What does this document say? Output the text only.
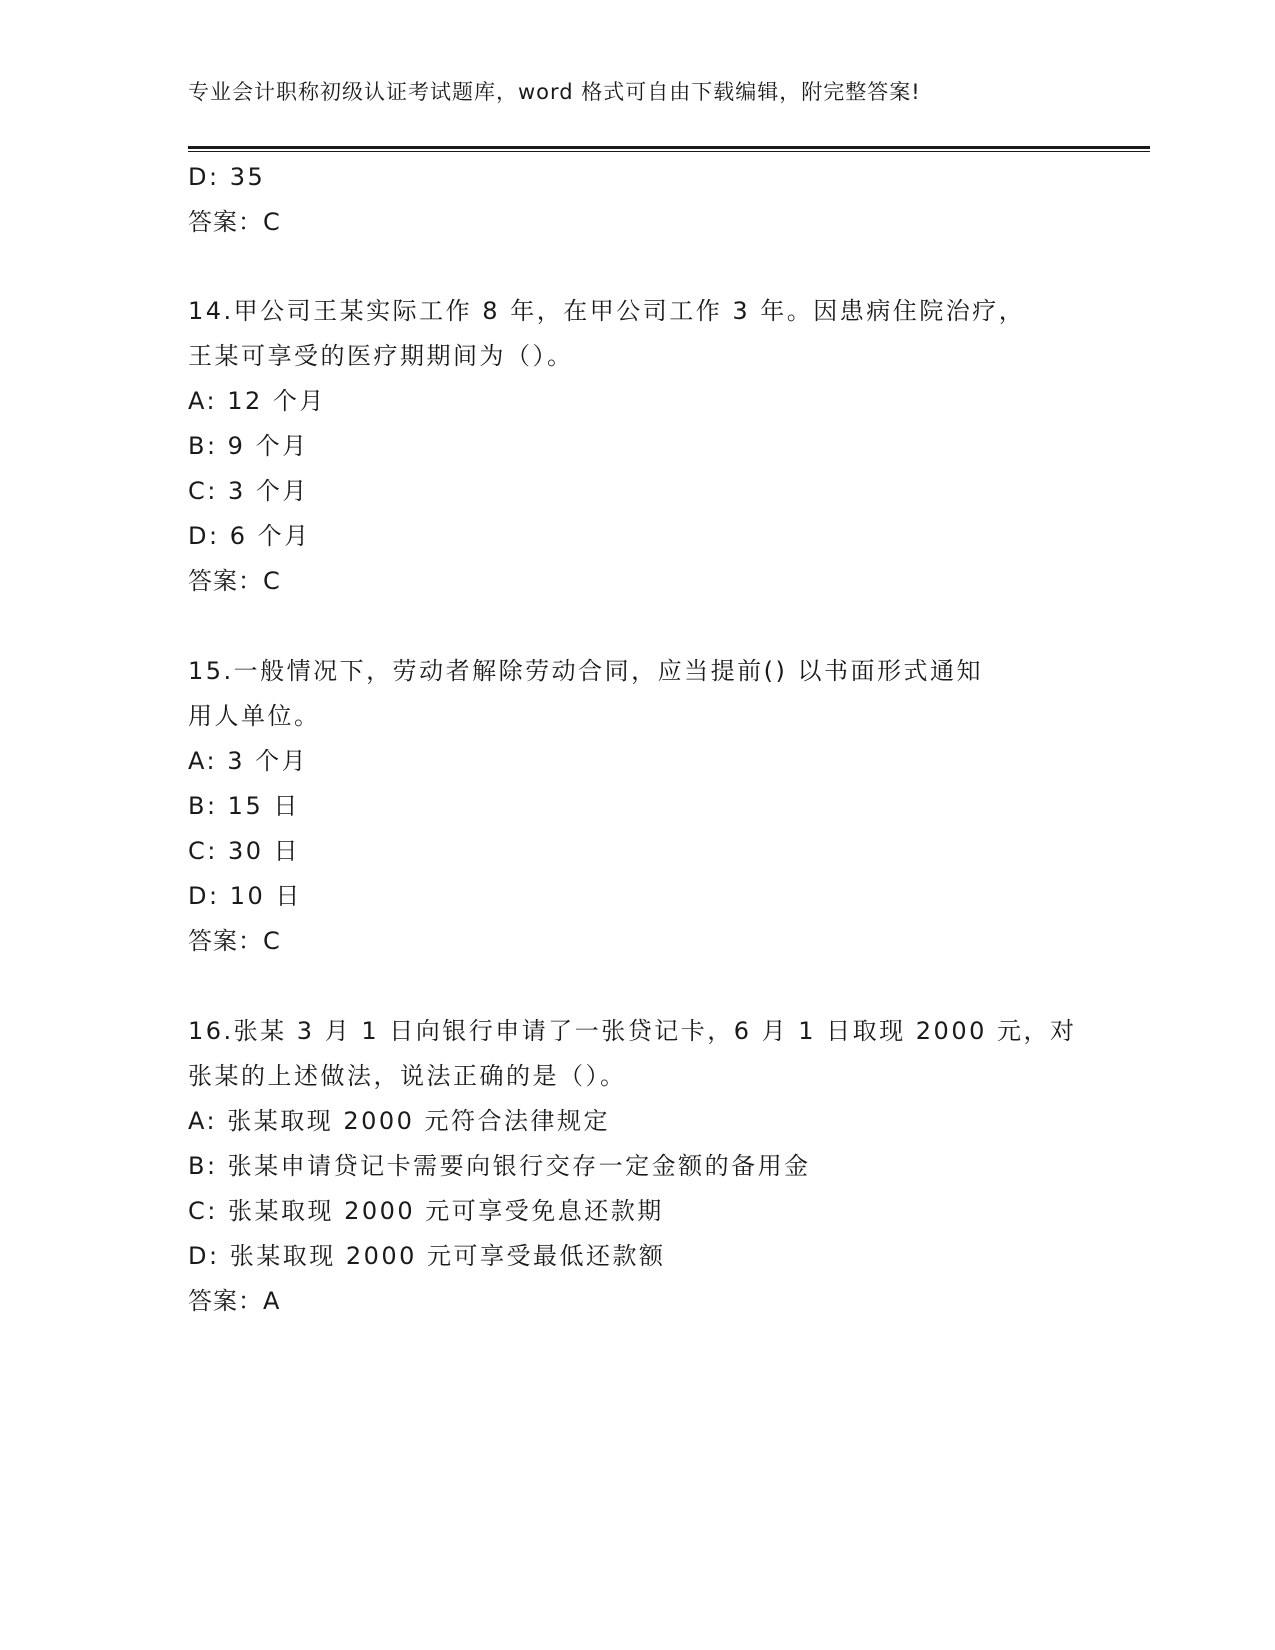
专业会计职称初级认证考试题库，word 格式可自由下载编辑，附完整答案!
D: 35
答案：C
14.甲公司王某实际工作 8 年，在甲公司工作 3 年。因患病住院治疗，
王某可享受的医疗期期间为（）。
A: 12 个月
B: 9 个月
C: 3 个月
D: 6 个月
答案：C
15.一般情况下，劳动者解除劳动合同，应当提前() 以书面形式通知
用人单位。
A: 3 个月
B: 15 日
C: 30 日
D: 10 日
答案：C
16.张某 3 月 1 日向银行申请了一张贷记卡，6 月 1 日取现 2000 元，对
张某的上述做法，说法正确的是（）。
A: 张某取现 2000 元符合法律规定
B: 张某申请贷记卡需要向银行交存一定金额的备用金
C: 张某取现 2000 元可享受免息还款期
D: 张某取现 2000 元可享受最低还款额
答案：A
